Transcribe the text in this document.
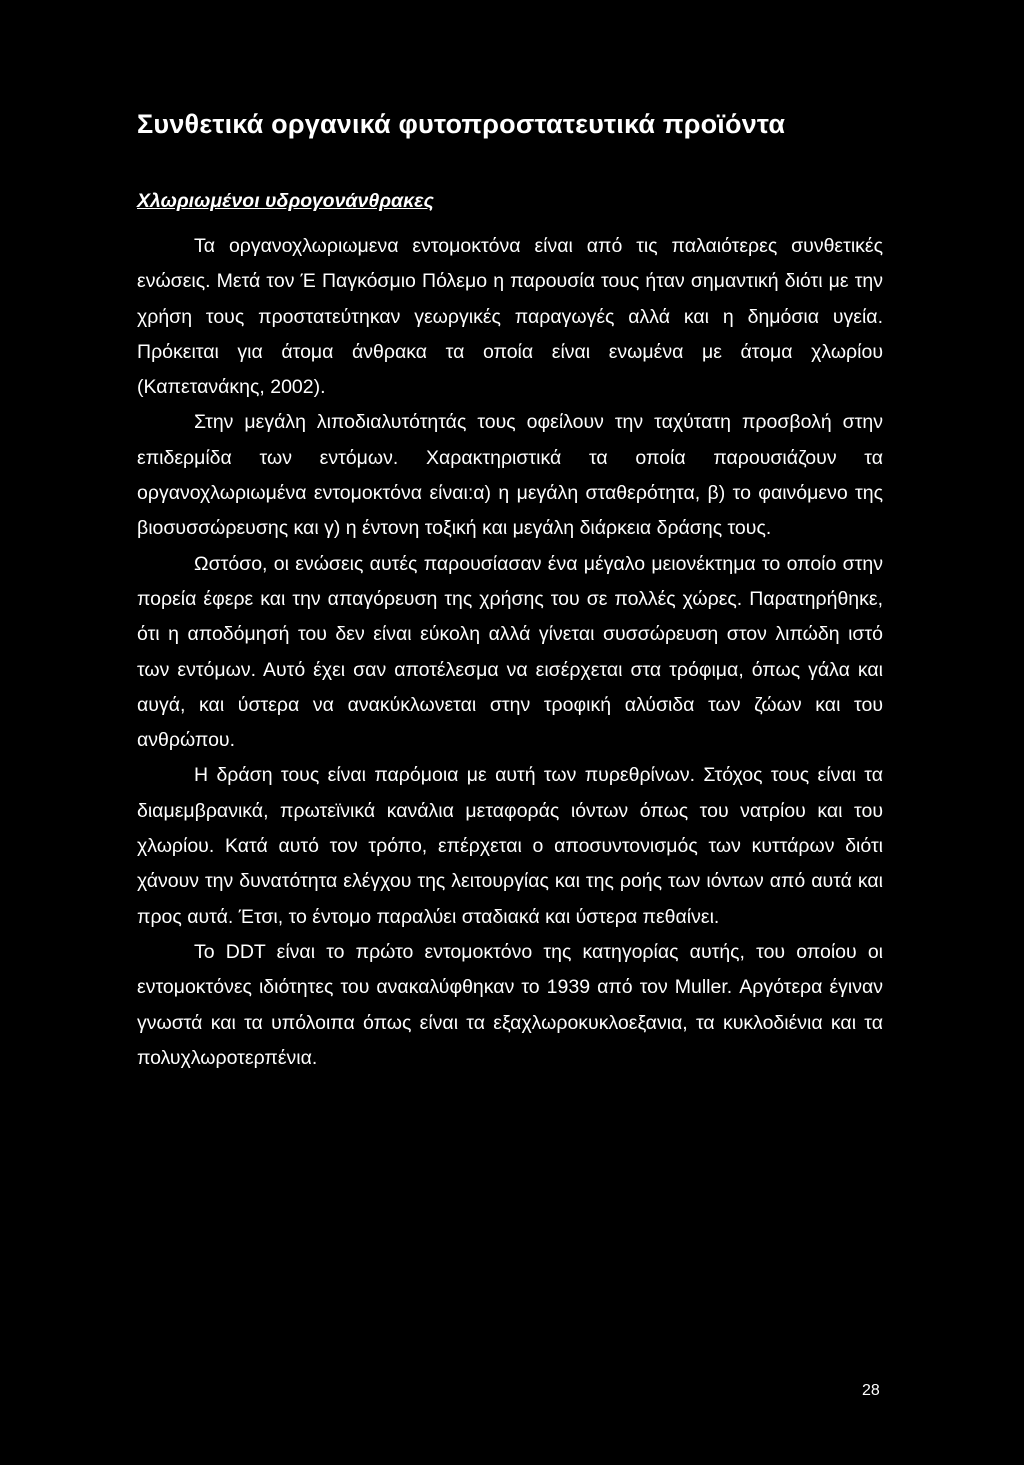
Συνθετικά οργανικά φυτοπροστατευτικά προϊόντα
Χλωριωμένοι υδρογονάνθρακες

Τα οργανοχλωριωμενα εντομοκτόνα είναι από τις παλαιότερες συνθετικές ενώσεις. Μετά τον Έ Παγκόσμιο Πόλεμο η παρουσία τους ήταν σημαντική διότι με την χρήση τους προστατεύτηκαν γεωργικές παραγωγές αλλά και η δημόσια υγεία. Πρόκειται για άτομα άνθρακα τα οποία είναι ενωμένα με άτομα χλωρίου (Καπετανάκης, 2002).

Στην μεγάλη λιποδιαλυτότητάς τους οφείλουν την ταχύτατη προσβολή στην επιδερμίδα των εντόμων. Χαρακτηριστικά τα οποία παρουσιάζουν τα οργανοχλωριωμένα εντομοκτόνα είναι:α) η μεγάλη σταθερότητα, β) το φαινόμενο της βιοσυσσώρευσης και γ) η έντονη τοξική και μεγάλη διάρκεια δράσης τους.

Ωστόσο, οι ενώσεις αυτές παρουσίασαν ένα μέγαλο μειονέκτημα το οποίο στην πορεία έφερε και την απαγόρευση της χρήσης του σε πολλές χώρες. Παρατηρήθηκε, ότι η αποδόμησή του δεν είναι εύκολη αλλά γίνεται συσσώρευση στον λιπώδη ιστό των εντόμων. Αυτό έχει σαν αποτέλεσμα να εισέρχεται στα τρόφιμα, όπως γάλα και αυγά, και ύστερα να ανακύκλωνεται στην τροφική αλύσιδα των ζώων και του ανθρώπου.

Η δράση τους είναι παρόμοια με αυτή των πυρεθρίνων. Στόχος τους είναι τα διαμεμβρανικά, πρωτεϊνικά κανάλια μεταφοράς ιόντων όπως του νατρίου και του χλωρίου. Κατά αυτό τον τρόπο, επέρχεται ο αποσυντονισμός των κυττάρων διότι χάνουν την δυνατότητα ελέγχου της λειτουργίας και της ροής των ιόντων από αυτά και προς αυτά. Έτσι, το έντομο παραλύει σταδιακά και ύστερα πεθαίνει.

Το DDT είναι το πρώτο εντομοκτόνο της κατηγορίας αυτής, του οποίου οι εντομοκτόνες ιδιότητες του ανακαλύφθηκαν το 1939 από τον Muller. Αργότερα έγιναν γνωστά και τα υπόλοιπα όπως είναι τα εξαχλωροκυκλοεξανια, τα κυκλοδιένια και τα πολυχλωροτερπένια.

28
